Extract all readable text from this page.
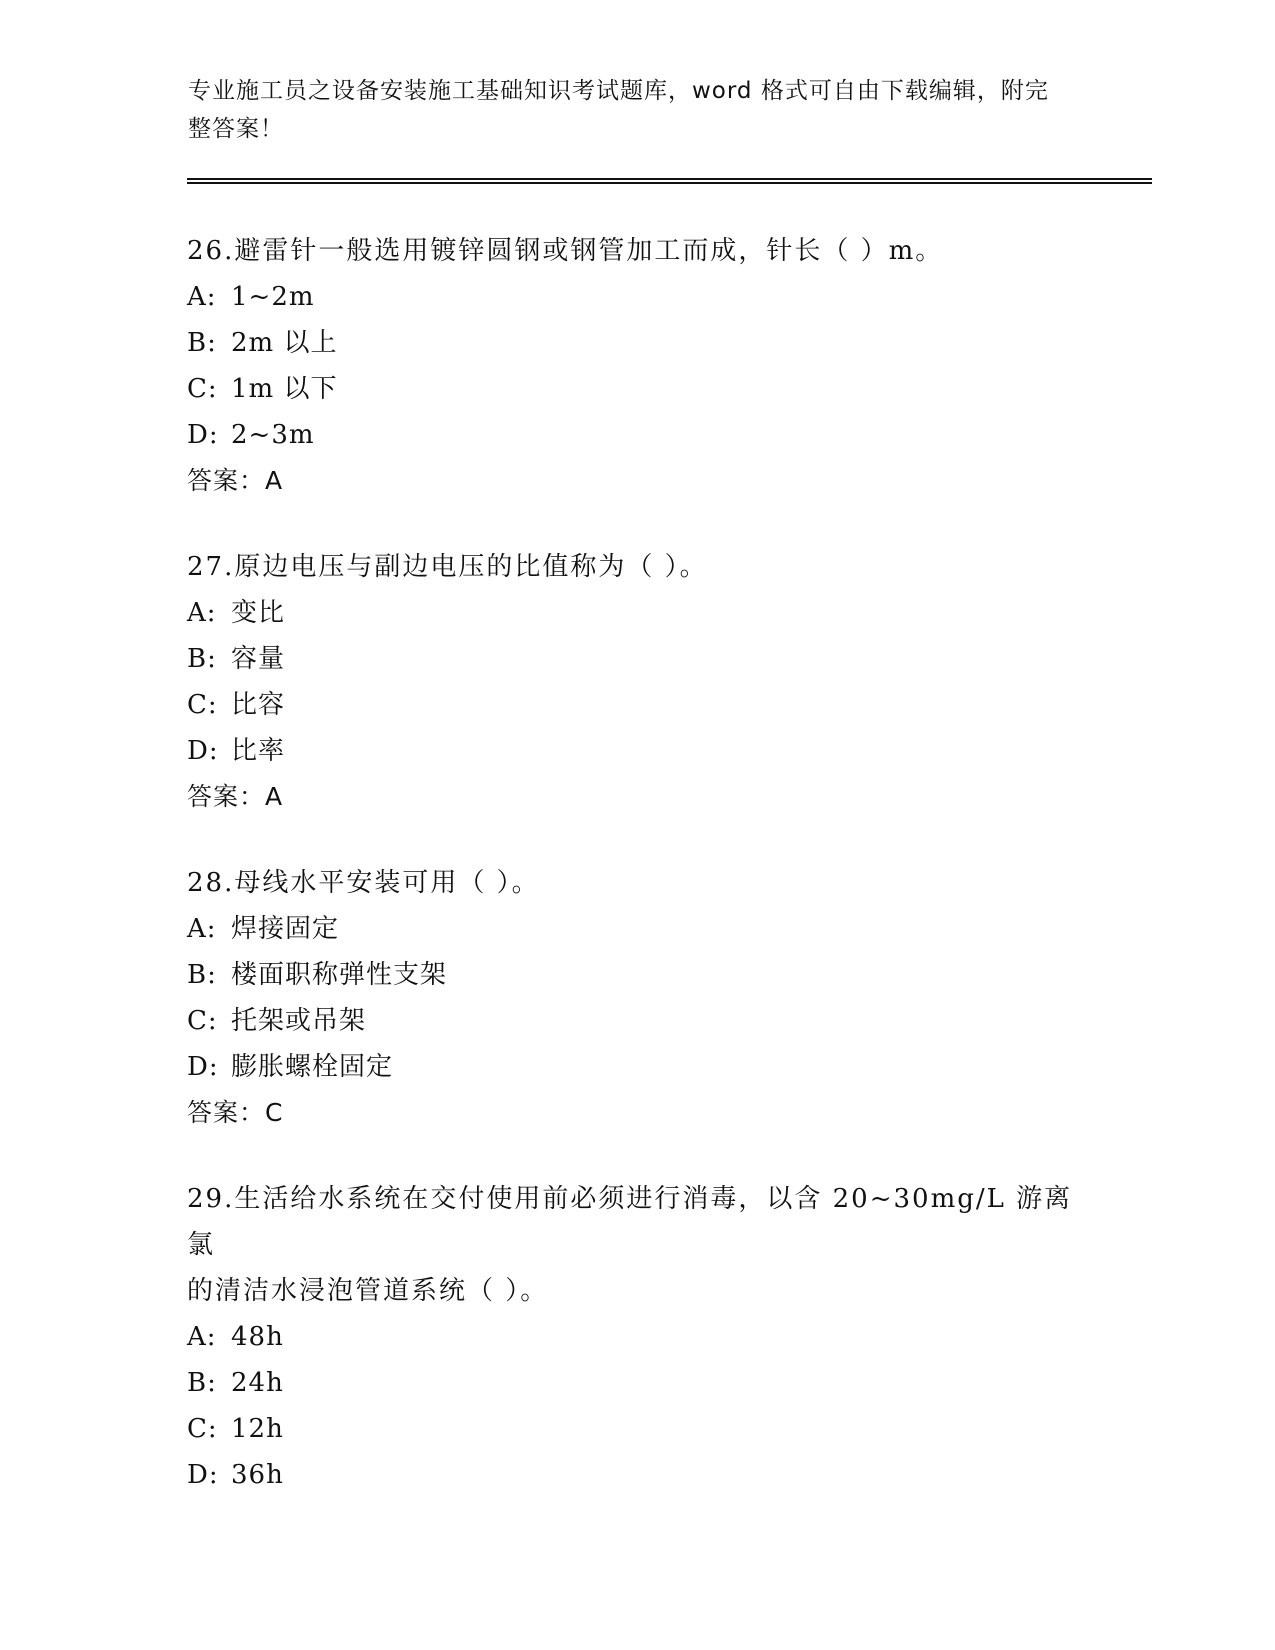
专业施工员之设备安装施工基础知识考试题库，word 格式可自由下载编辑，附完
整答案！
26.避雷针一般选用镀锌圆钢或钢管加工而成，针长（ ）m。
A: 1~2m
B: 2m 以上
C: 1m 以下
D: 2~3m
答案：A
27.原边电压与副边电压的比值称为（ ）。
A: 变比
B: 容量
C: 比容
D: 比率
答案：A
28.母线水平安装可用（ ）。
A: 焊接固定
B: 楼面职称弹性支架
C: 托架或吊架
D: 膨胀螺栓固定
答案：C
29.生活给水系统在交付使用前必须进行消毒，以含 20~30mg/L 游离氯
的清洁水浸泡管道系统（ ）。
A: 48h
B: 24h
C: 12h
D: 36h
